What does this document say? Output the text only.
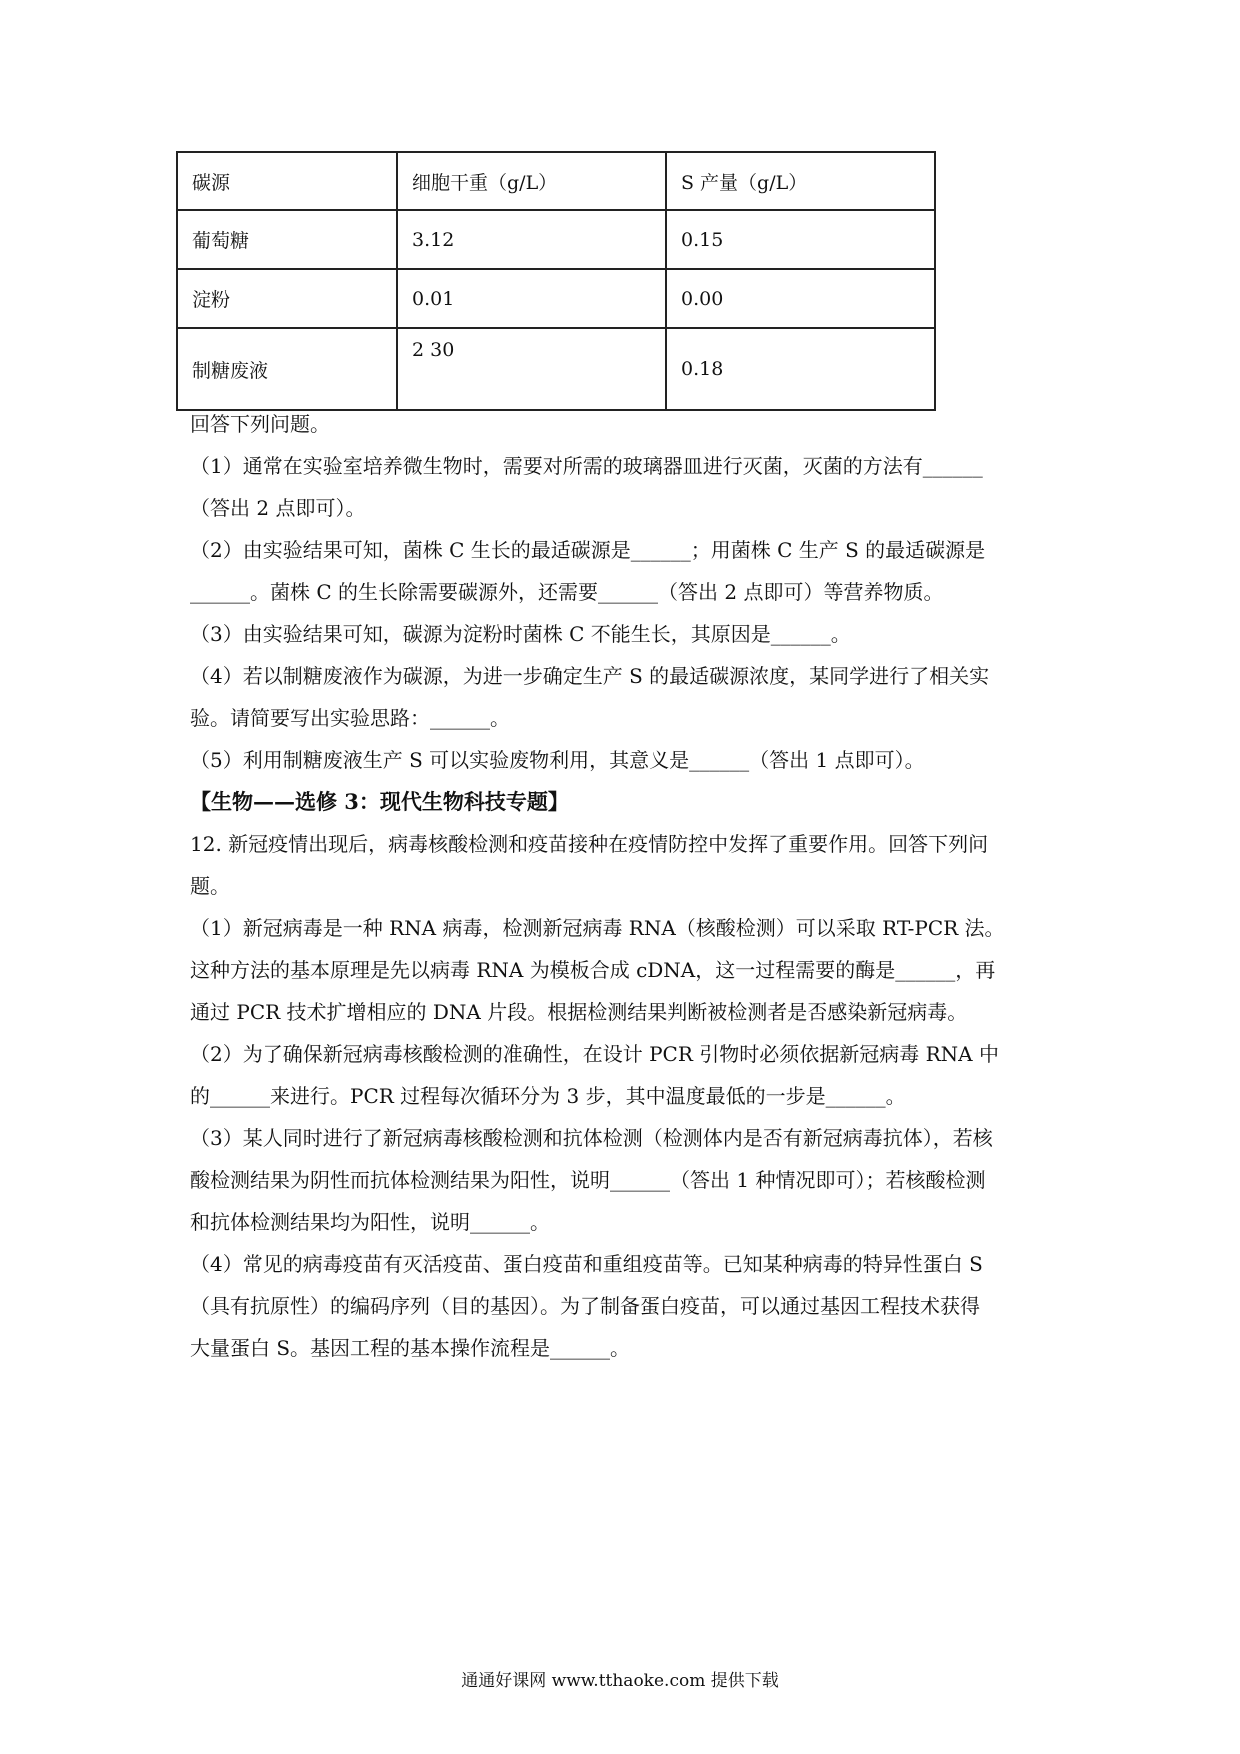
碳源	细胞干重（g/L）	S 产量（g/L）
葡萄糖	3.12	0.15
淀粉	0.01	0.00
制糖废液	2 30	0.18

回答下列问题。

（1）通常在实验室培养微生物时，需要对所需的玻璃器皿进行灭菌，灭菌的方法有______

（答出 2 点即可）。

（2）由实验结果可知，菌株 C 生长的最适碳源是______；用菌株 C 生产 S 的最适碳源是

______。菌株 C 的生长除需要碳源外，还需要______（答出 2 点即可）等营养物质。

（3）由实验结果可知，碳源为淀粉时菌株 C 不能生长，其原因是______。

（4）若以制糖废液作为碳源，为进一步确定生产 S 的最适碳源浓度，某同学进行了相关实

验。请简要写出实验思路：______。

（5）利用制糖废液生产 S 可以实验废物利用，其意义是______（答出 1 点即可）。

【生物——选修 3：现代生物科技专题】

12. 新冠疫情出现后，病毒核酸检测和疫苗接种在疫情防控中发挥了重要作用。回答下列问

题。

（1）新冠病毒是一种 RNA 病毒，检测新冠病毒 RNA（核酸检测）可以采取 RT-PCR 法。

这种方法的基本原理是先以病毒 RNA 为模板合成 cDNA，这一过程需要的酶是______，再

通过 PCR 技术扩增相应的 DNA 片段。根据检测结果判断被检测者是否感染新冠病毒。

（2）为了确保新冠病毒核酸检测的准确性，在设计 PCR 引物时必须依据新冠病毒 RNA 中

的______来进行。PCR 过程每次循环分为 3 步，其中温度最低的一步是______。

（3）某人同时进行了新冠病毒核酸检测和抗体检测（检测体内是否有新冠病毒抗体），若核

酸检测结果为阴性而抗体检测结果为阳性，说明______（答出 1 种情况即可）；若核酸检测

和抗体检测结果均为阳性，说明______。

（4）常见的病毒疫苗有灭活疫苗、蛋白疫苗和重组疫苗等。已知某种病毒的特异性蛋白 S

（具有抗原性）的编码序列（目的基因）。为了制备蛋白疫苗，可以通过基因工程技术获得

大量蛋白 S。基因工程的基本操作流程是______。

通通好课网 www.tthaoke.com 提供下载
